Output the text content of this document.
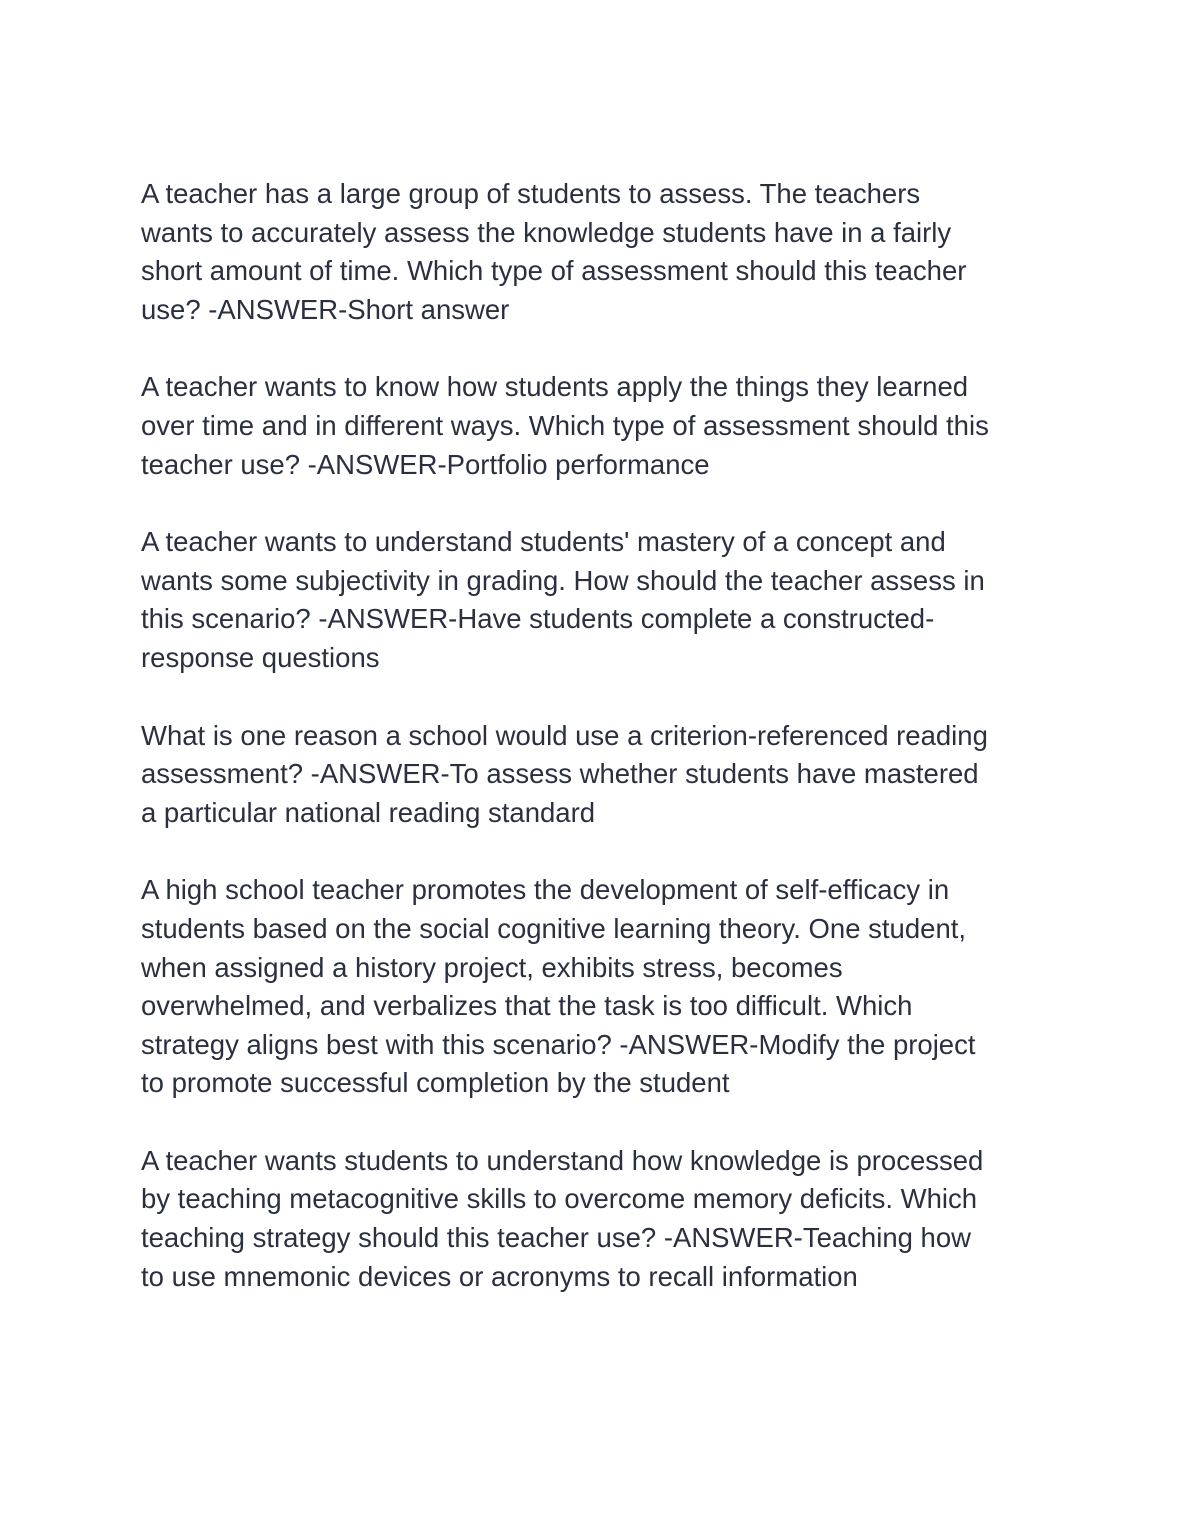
A teacher has a large group of students to assess. The teachers
wants to accurately assess the knowledge students have in a fairly
short amount of time. Which type of assessment should this teacher
use? -ANSWER-Short answer
A teacher wants to know how students apply the things they learned
over time and in different ways. Which type of assessment should this
teacher use? -ANSWER-Portfolio performance
A teacher wants to understand students' mastery of a concept and
wants some subjectivity in grading. How should the teacher assess in
this scenario? -ANSWER-Have students complete a constructed-
response questions
What is one reason a school would use a criterion-referenced reading
assessment? -ANSWER-To assess whether students have mastered
a particular national reading standard
A high school teacher promotes the development of self-efficacy in
students based on the social cognitive learning theory. One student,
when assigned a history project, exhibits stress, becomes
overwhelmed, and verbalizes that the task is too difficult. Which
strategy aligns best with this scenario? -ANSWER-Modify the project
to promote successful completion by the student
A teacher wants students to understand how knowledge is processed
by teaching metacognitive skills to overcome memory deficits. Which
teaching strategy should this teacher use? -ANSWER-Teaching how
to use mnemonic devices or acronyms to recall information
